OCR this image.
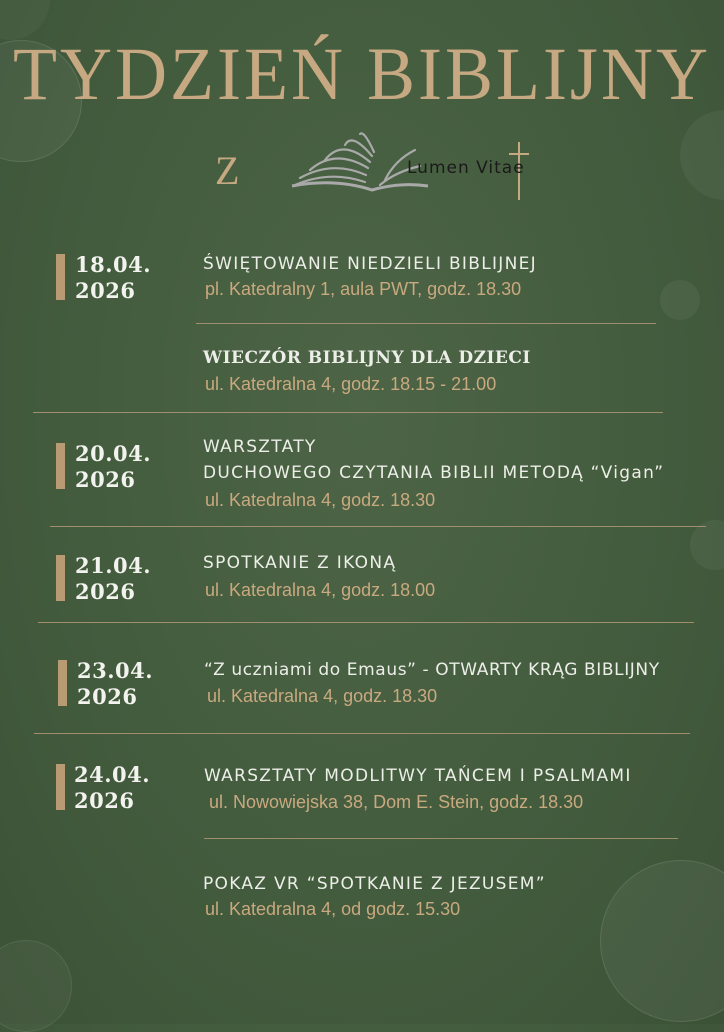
TYDZIEŃ BIBLIJNY
Z	Lumen Vitae
18.04.
2026
ŚWIĘTOWANIE NIEDZIELI BIBLIJNEJ
pl. Katedralny 1, aula PWT, godz. 18.30
WIECZÓR BIBLIJNY DLA DZIECI
ul. Katedralna 4, godz. 18.15 - 21.00
20.04.
2026
WARSZTATY
DUCHOWEGO CZYTANIA BIBLII METODĄ “Vigan”
ul. Katedralna 4, godz. 18.30
21.04.
2026
SPOTKANIE Z IKONĄ
ul. Katedralna 4, godz. 18.00
23.04.
2026
“Z uczniami do Emaus” - OTWARTY KRĄG BIBLIJNY
ul. Katedralna 4, godz. 18.30
24.04.
2026
WARSZTATY MODLITWY TAŃCEM I PSALMAMI
ul. Nowowiejska 38, Dom E. Stein, godz. 18.30
POKAZ VR “SPOTKANIE Z JEZUSEM”
ul. Katedralna 4, od godz. 15.30
